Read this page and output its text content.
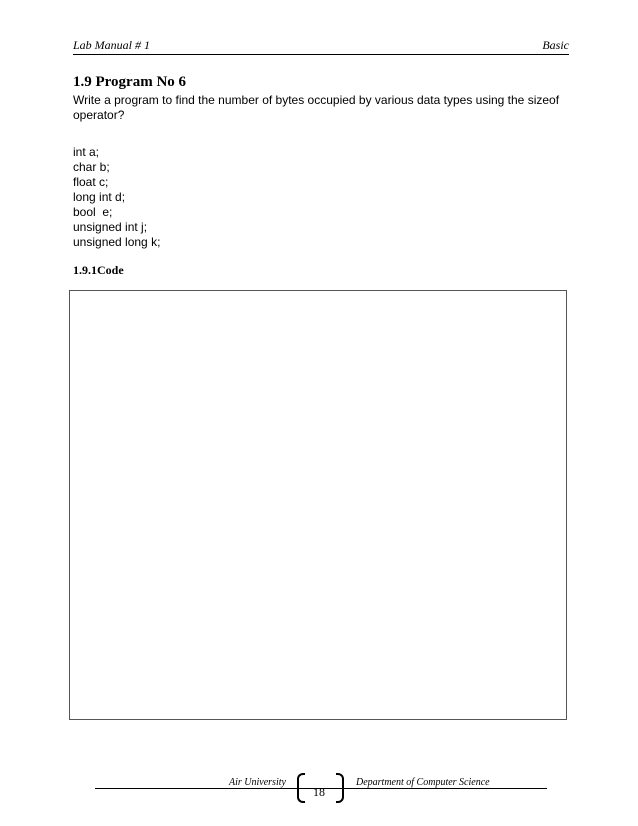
Lab Manual # 1	Basic
1.9 Program No 6
Write a program to find the number of bytes occupied by various data types using the sizeof operator?
int a;
char b;
float c;
long int d;
bool  e;
unsigned int j;
unsigned long k;
1.9.1Code
Air University
18
Department of Computer Science
